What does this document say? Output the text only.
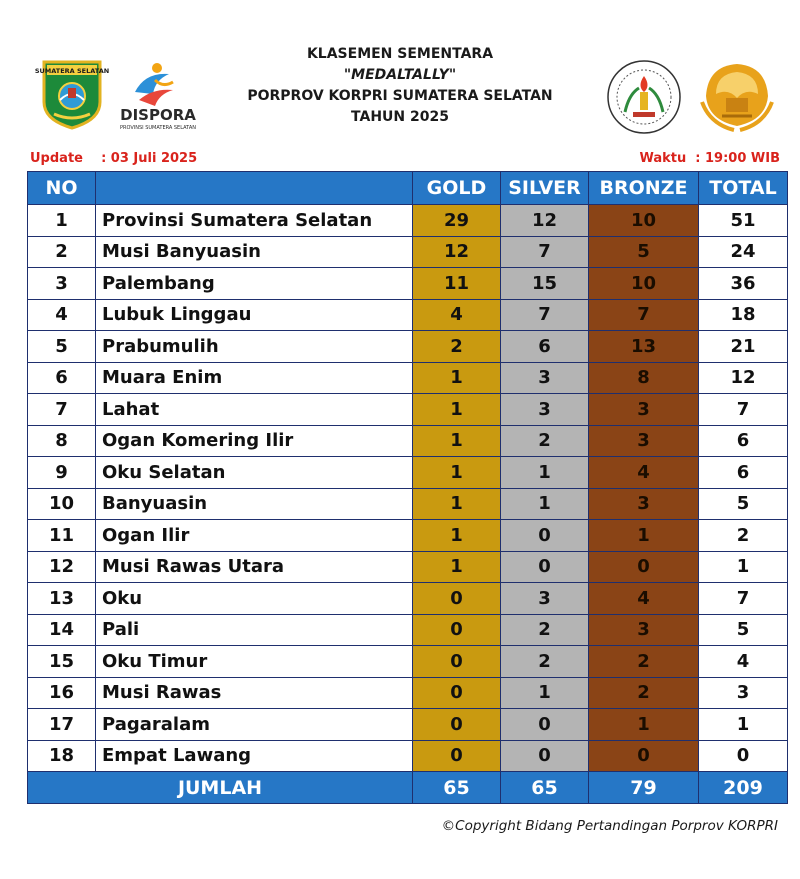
SUMATERA SELATAN
DISPORA
PROVINSI SUMATERA SELATAN
KLASEMEN SEMENTARA
"MEDALTALLY"
PORPROV KORPRI SUMATERA SELATAN
TAHUN 2025
Update    : 03 Juli 2025	Waktu  : 19:00 WIB
NO		GOLD	SILVER	BRONZE	TOTAL
1	Provinsi Sumatera Selatan	29	12	10	51
2	Musi Banyuasin	12	7	5	24
3	Palembang	11	15	10	36
4	Lubuk Linggau	4	7	7	18
5	Prabumulih	2	6	13	21
6	Muara Enim	1	3	8	12
7	Lahat	1	3	3	7
8	Ogan Komering Ilir	1	2	3	6
9	Oku Selatan	1	1	4	6
10	Banyuasin	1	1	3	5
11	Ogan Ilir	1	0	1	2
12	Musi Rawas Utara	1	0	0	1
13	Oku	0	3	4	7
14	Pali	0	2	3	5
15	Oku Timur	0	2	2	4
16	Musi Rawas	0	1	2	3
17	Pagaralam	0	0	1	1
18	Empat Lawang	0	0	0	0
JUMLAH		65	65	79	209
©Copyright Bidang Pertandingan Porprov KORPRI
